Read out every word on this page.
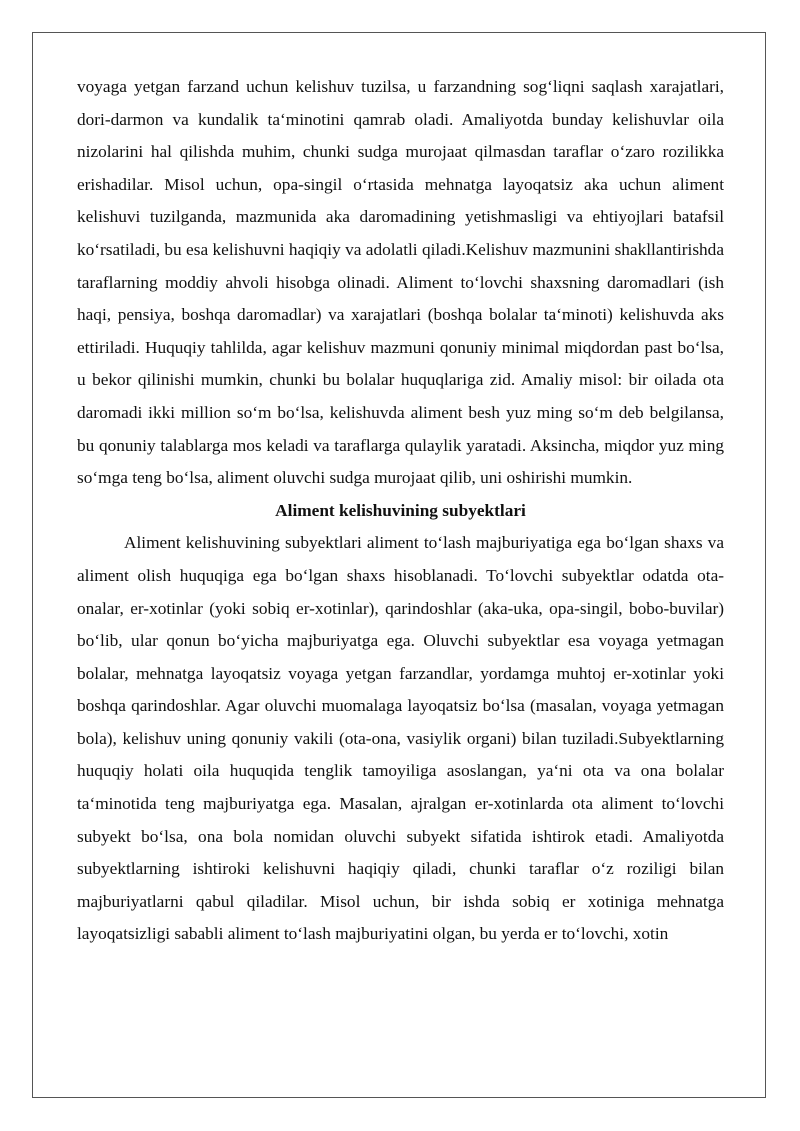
voyaga yetgan farzand uchun kelishuv tuzilsa, u farzandning sog‘liqni saqlash xarajatlari, dori-darmon va kundalik ta‘minotini qamrab oladi. Amaliyotda bunday kelishuvlar oila nizolarini hal qilishda muhim, chunki sudga murojaat qilmasdan taraflar o‘zaro rozilikka erishadilar. Misol uchun, opa-singil o‘rtasida mehnatga layoqatsiz aka uchun aliment kelishuvi tuzilganda, mazmunida aka daromadining yetishmasligi va ehtiyojlari batafsil ko‘rsatiladi, bu esa kelishuvni haqiqiy va adolatli qiladi.Kelishuv mazmunini shakllantirishda taraflarning moddiy ahvoli hisobga olinadi. Aliment to‘lovchi shaxsning daromadlari (ish haqi, pensiya, boshqa daromadlar) va xarajatlari (boshqa bolalar ta‘minoti) kelishuvda aks ettiriladi. Huquqiy tahlilda, agar kelishuv mazmuni qonuniy minimal miqdordan past bo‘lsa, u bekor qilinishi mumkin, chunki bu bolalar huquqlariga zid. Amaliy misol: bir oilada ota daromadi ikki million so‘m bo‘lsa, kelishuvda aliment besh yuz ming so‘m deb belgilansa, bu qonuniy talablarga mos keladi va taraflarga qulaylik yaratadi. Aksincha, miqdor yuz ming so‘mga teng bo‘lsa, aliment oluvchi sudga murojaat qilib, uni oshirishi mumkin.

Aliment kelishuvining subyektlari

Aliment kelishuvining subyektlari aliment to‘lash majburiyatiga ega bo‘lgan shaxs va aliment olish huquqiga ega bo‘lgan shaxs hisoblanadi. To‘lovchi subyektlar odatda ota-onalar, er-xotinlar (yoki sobiq er-xotinlar), qarindoshlar (aka-uka, opa-singil, bobo-buvilar) bo‘lib, ular qonun bo‘yicha majburiyatga ega. Oluvchi subyektlar esa voyaga yetmagan bolalar, mehnatga layoqatsiz voyaga yetgan farzandlar, yordamga muhtoj er-xotinlar yoki boshqa qarindoshlar. Agar oluvchi muomalaga layoqatsiz bo‘lsa (masalan, voyaga yetmagan bola), kelishuv uning qonuniy vakili (ota-ona, vasiylik organi) bilan tuziladi.Subyektlarning huquqiy holati oila huquqida tenglik tamoyiliga asoslangan, ya‘ni ota va ona bolalar ta‘minotida teng majburiyatga ega. Masalan, ajralgan er-xotinlarda ota aliment to‘lovchi subyekt bo‘lsa, ona bola nomidan oluvchi subyekt sifatida ishtirok etadi. Amaliyotda subyektlarning ishtiroki kelishuvni haqiqiy qiladi, chunki taraflar o‘z roziligi bilan majburiyatlarni qabul qiladilar. Misol uchun, bir ishda sobiq er xotiniga mehnatga layoqatsizligi sababli aliment to‘lash majburiyatini olgan, bu yerda er to‘lovchi, xotin
